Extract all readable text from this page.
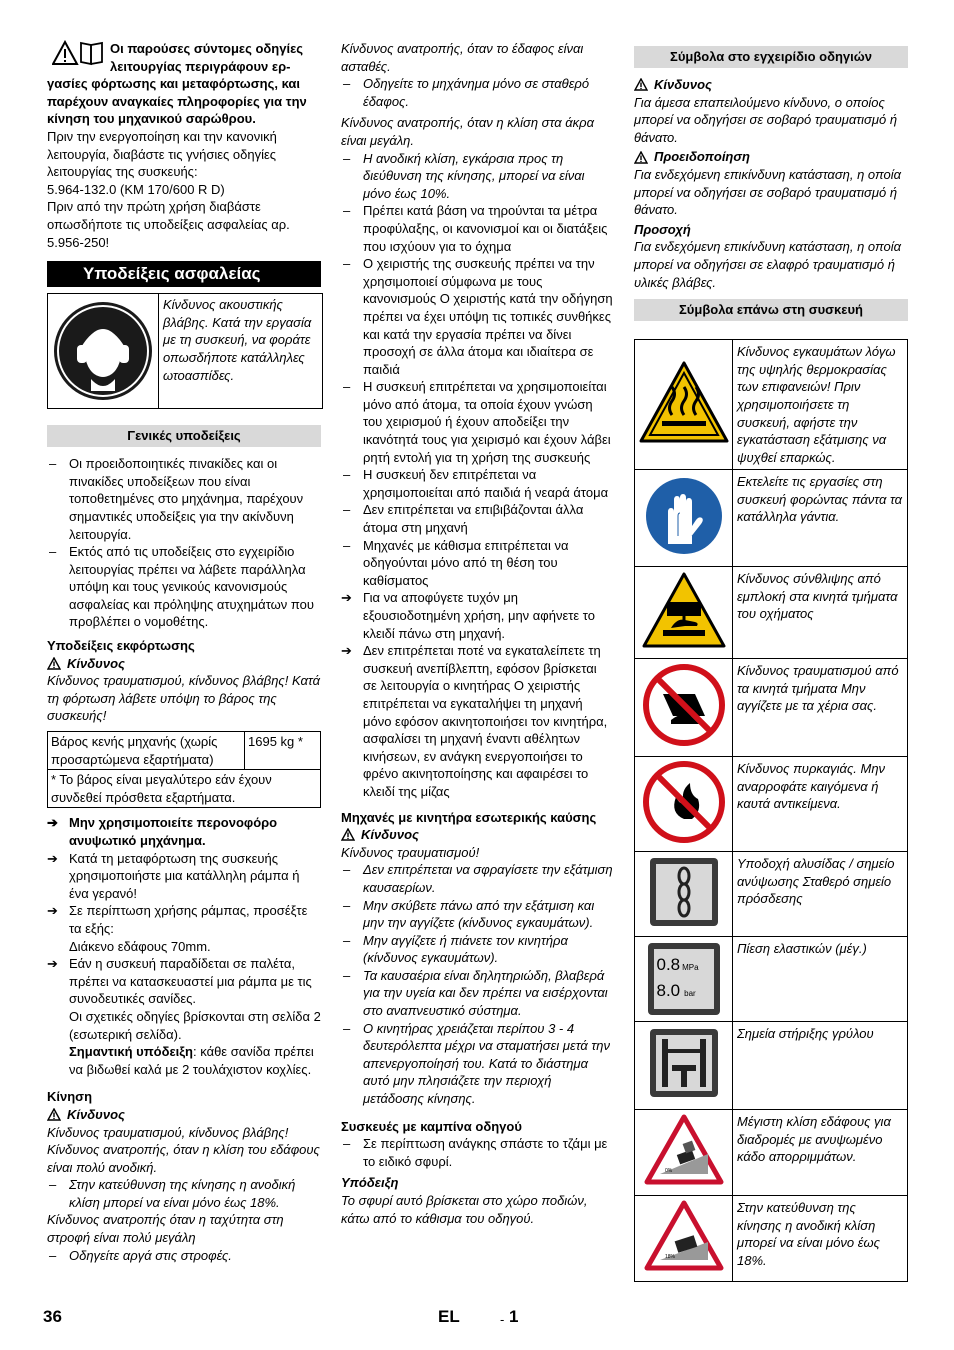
Οι παρούσες σύντομες οδηγίες λειτουργίας περιγράφουν ερ-

γασίες φόρτωσης και μεταφόρτωσης, και παρέχουν αναγκαίες πληροφορίες για την κίνηση του μηχανικού σαρώθρου.

Πριν την ενεργοποίηση και την κανονική λειτουργία, διαβάστε τις γνήσιες οδηγίες λειτουργίας της συσκευής:

5.964-132.0 (KM 170/600 R D)

Πριν από την πρώτη χρήση διαβάστε οπωσδήποτε τις υποδείξεις ασφαλείας αρ. 5.956-250!

Υποδείξεις ασφαλείας
Κίνδυνος ακουστικής βλάβης. Κατά την εργασία με τη συσκευή, να φοράτε οπωσδήποτε κατάλληλες ωτοασπίδες.
Γενικές υποδείξεις
– Οι προειδοποιητικές πινακίδες και οι πινακίδες υποδείξεων που είναι τοποθετημένες στο μηχάνημα, παρέχουν σημαντικές υποδείξεις για την ακίνδυνη λειτουργία.
– Εκτός από τις υποδείξεις στο εγχειρίδιο λειτουργίας πρέπει να λάβετε παράλληλα υπόψη και τους γενικούς κανονισμούς ασφαλείας και πρόληψης ατυχημάτων που προβλέπει ο νομοθέτης.

Υποδείξεις εκφόρτωσης

Κίνδυνος

Κίνδυνος τραυματισμού, κίνδυνος βλάβης! Κατά τη φόρτωση λάβετε υπόψη το βάρος της συσκευής!

Βάρος κενής μηχανής (χωρίς προσαρτώμενα εξαρτήματα)	1695 kg *
* Το βάρος είναι μεγαλύτερο εάν έχουν συνδεθεί πρόσθετα εξαρτήματα.
➔ Μην χρησιμοποιείτε περονοφόρο ανυψωτικό μηχάνημα.
➔ Κατά τη μεταφόρτωση της συσκευής χρησιμοποιήστε μια κατάλληλη ράμπα ή ένα γερανό!
➔ Σε περίπτωση χρήσης ράμπας, προσέξτε τα εξής:
Διάκενο εδάφους 70mm.
➔ Εάν η συσκευή παραδίδεται σε παλέτα, πρέπει να κατασκευαστεί μια ράμπα με τις συνοδευτικές σανίδες.
Οι σχετικές οδηγίες βρίσκονται στη σελίδα 2 (εσωτερική σελίδα).
Σημαντική υπόδειξη: κάθε σανίδα πρέπει να βιδωθεί καλά με 2 τουλάχιστον κοχλίες.

Κίνηση

Κίνδυνος

Κίνδυνος τραυματισμού, κίνδυνος βλάβης! Κίνδυνος ανατροπής, όταν η κλίση του εδάφους είναι πολύ ανοδική.

– Στην κατεύθυνση της κίνησης η ανοδική κλίση μπορεί να είναι μόνο έως 18%.

Κίνδυνος ανατροπής όταν η ταχύτητα στη στροφή είναι πολύ μεγάλη

– Οδηγείτε αργά στις στροφές.

Κίνδυνος ανατροπής, όταν το έδαφος είναι ασταθές.

– Οδηγείτε το μηχάνημα μόνο σε σταθερό έδαφος.

Κίνδυνος ανατροπής, όταν η κλίση στα άκρα είναι μεγάλη.

– Η ανοδική κλίση, εγκάρσια προς τη διεύθυνση της κίνησης, μπορεί να είναι μόνο έως 10%.
– Πρέπει κατά βάση να τηρούνται τα μέτρα προφύλαξης, οι κανονισμοί και οι διατάξεις που ισχύουν για το όχημα
– Ο χειριστής της συσκευής πρέπει να την χρησιμοποιεί σύμφωνα με τους κανονισμούς Ο χειριστής κατά την οδήγηση πρέπει να έχει υπόψη τις τοπικές συνθήκες και κατά την εργασία πρέπει να δίνει προσοχή σε άλλα άτομα και ιδιαίτερα σε παιδιά
– Η συσκευή επιτρέπεται να χρησιμοποιείται μόνο από άτομα, τα οποία έχουν γνώση του χειρισμού ή έχουν αποδείξει την ικανότητά τους για χειρισμό και έχουν λάβει ρητή εντολή για τη χρήση της συσκευής
– Η συσκευή δεν επιτρέπεται να χρησιμοποιείται από παιδιά ή νεαρά άτομα
– Δεν επιτρέπεται να επιβιβάζονται άλλα άτομα στη μηχανή
– Μηχανές με κάθισμα επιτρέπεται να οδηγούνται μόνο από τη θέση του καθίσματος
➔ Για να αποφύγετε τυχόν μη εξουσιοδοτημένη χρήση, μην αφήνετε το κλειδί πάνω στη μηχανή.
➔ Δεν επιτρέπεται ποτέ να εγκαταλείπετε τη συσκευή ανεπίβλεπτη, εφόσον βρίσκεται σε λειτουργία ο κινητήρας Ο χειριστής επιτρέπεται να εγκαταλήψει τη μηχανή μόνο εφόσον ακινητοποιήσει τον κινητήρα, ασφαλίσει τη μηχανή έναντι αθέλητων κινήσεων, εν ανάγκη ενεργοποιήσει το φρένο ακινητοποίησης και αφαιρέσει το κλειδί της μίζας

Μηχανές με κινητήρα εσωτερικής καύσης

Κίνδυνος

Κίνδυνος τραυματισμού!

– Δεν επιτρέπεται να σφραγίσετε την εξάτμιση καυσαερίων.
– Μην σκύβετε πάνω από την εξάτμιση και μην την αγγίζετε (κίνδυνος εγκαυμάτων).
– Μην αγγίζετε ή πιάνετε τον κινητήρα (κίνδυνος εγκαυμάτων).
– Τα καυσαέρια είναι δηλητηριώδη, βλαβερά για την υγεία και δεν πρέπει να εισέρχονται στο αναπνευστικό σύστημα.
– Ο κινητήρας χρειάζεται περίπου 3 - 4 δευτερόλεπτα μέχρι να σταματήσει μετά την απενεργοποίησή του. Κατά το διάστημα αυτό μην πλησιάζετε την περιοχή μετάδοσης κίνησης.

Συσκευές με καμπίνα οδηγού

– Σε περίπτωση ανάγκης σπάστε το τζάμι με το ειδικό σφυρί.

Υπόδειξη

Το σφυρί αυτό βρίσκεται στο χώρο ποδιών, κάτω από το κάθισμα του οδηγού.

Σύμβολα στο εγχειρίδιο οδηγιών
Κίνδυνος

Για άμεσα επαπειλούμενο κίνδυνο, ο οποίος μπορεί να οδηγήσει σε σοβαρό τραυματισμό ή θάνατο.

Προειδοποίηση

Για ενδεχόμενη επικίνδυνη κατάσταση, η οποία μπορεί να οδηγήσει σε σοβαρό τραυματισμό ή θάνατο.

Προσοχή

Για ενδεχόμενη επικίνδυνη κατάσταση, η οποία μπορεί να οδηγήσει σε ελαφρό τραυματισμό ή υλικές βλάβες.

Σύμβολα επάνω στη συσκευή
	Κίνδυνος εγκαυμάτων λόγω της υψηλής θερμοκρασίας των επιφανειών! Πριν χρησιμοποιήσετε τη συσκευή, αφήστε την εγκατάσταση εξάτμισης να ψυχθεί επαρκώς.
	Εκτελείτε τις εργασίες στη συσκευή φορώντας πάντα τα κατάλληλα γάντια.
	Κίνδυνος σύνθλιψης από εμπλοκή στα κινητά τμήματα του οχήματος
	Κίνδυνος τραυματισμού από τα κινητά τμήματα Μην αγγίζετε με τα χέρια σας.
	Κίνδυνος πυρκαγιάς. Μην αναρροφάτε καιγόμενα ή καυτά αντικείμενα.
	Υποδοχή αλυσίδας / σημείο ανύψωσης Σταθερό σημείο πρόσδεσης

0.8 MPa
8.0 bar	Πίεση ελαστικών (μέγ.)
	Σημεία στήριξης γρύλου

0%	Μέγιστη κλίση εδάφους για διαδρομές με ανυψωμένο κάδο απορριμμάτων.

18%	Στην κατεύθυνση της κίνησης η ανοδική κλίση μπορεί να είναι μόνο έως 18%.
36	EL	- 1
